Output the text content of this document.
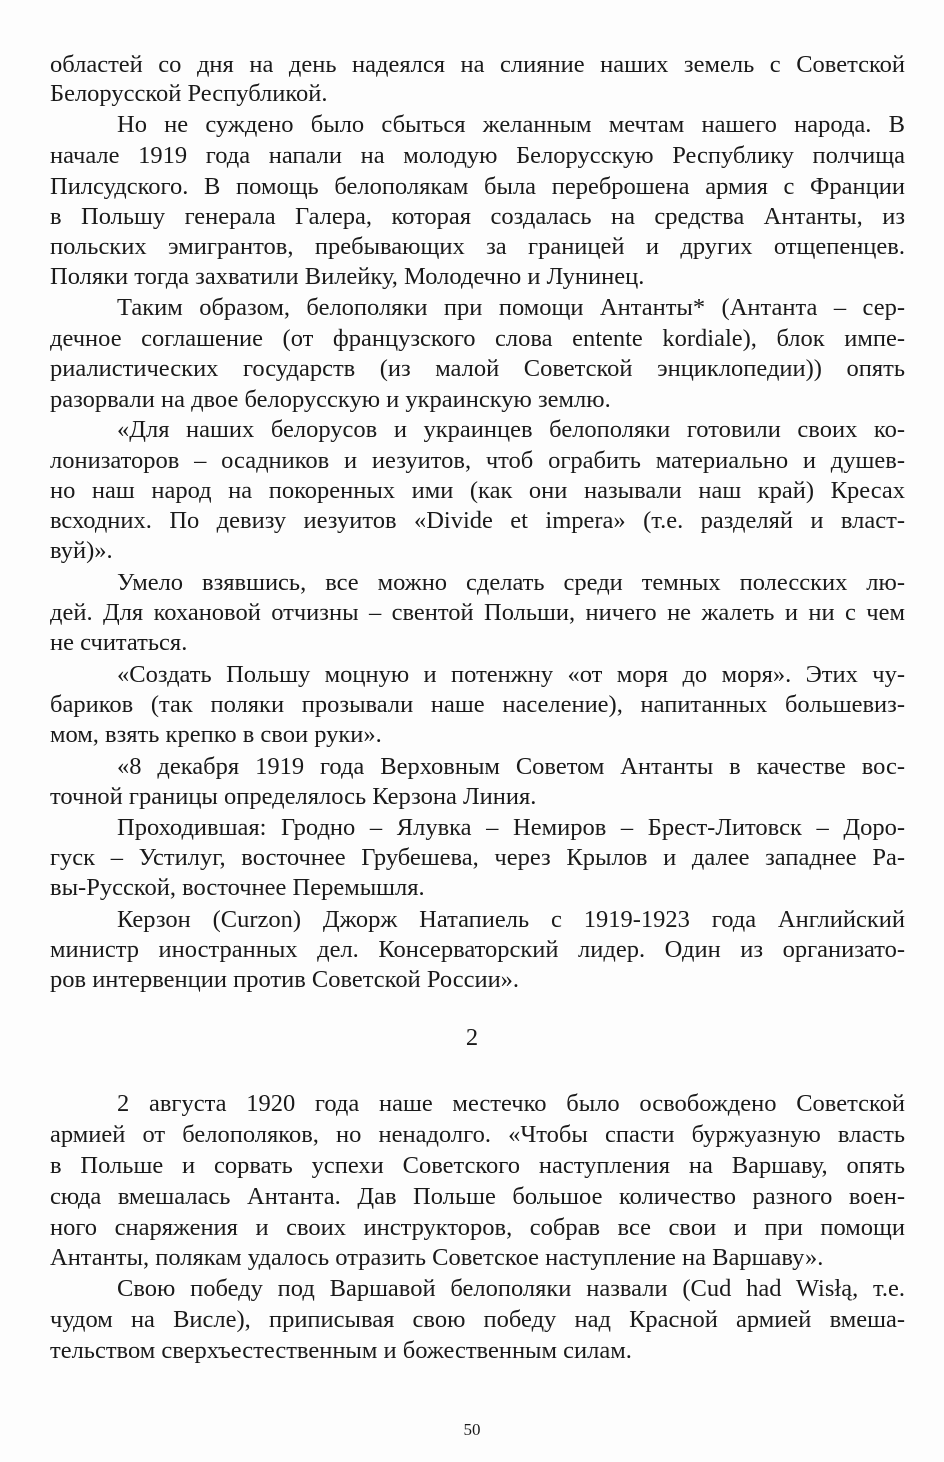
областей со дня на день надеялся на слияние наших земель с Советской
Белорусской Республикой.
Но не суждено было сбыться желанным мечтам нашего народа. В
начале 1919 года напали на молодую Белорусскую Республику полчища
Пилсудского. В помощь белополякам была переброшена армия с Франции
в Польшу генерала Галера, которая создалась на средства Антанты, из
польских эмигрантов, пребывающих за границей и других отщепенцев.
Поляки тогда захватили Вилейку, Молодечно и Лунинец.
Таким образом, белополяки при помощи Антанты* (Антанта – сер-
дечное соглашение (от французского слова entente kordiale), блок импе-
риалистических государств (из малой Советской энциклопедии)) опять
разорвали на двое белорусскую и украинскую землю.
«Для наших белорусов и украинцев белополяки готовили своих ко-
лонизаторов – осадников и иезуитов, чтоб ограбить материально и душев-
но наш народ на покоренных ими (как они называли наш край) Кресах
всходних. По девизу иезуитов «Divide et impera» (т.е. разделяй и власт-
вуй)».
Умело взявшись, все можно сделать среди темных полесских лю-
дей. Для кохановой отчизны – свентой Польши, ничего не жалеть и ни с чем
не считаться.
«Создать Польшу моцную и потенжну «от моря до моря». Этих чу-
бариков (так поляки прозывали наше население), напитанных большевиз-
мом, взять крепко в свои руки».
«8 декабря 1919 года Верховным Советом Антанты в качестве вос-
точной границы определялось Керзона Линия.
Проходившая: Гродно – Ялувка – Немиров – Брест-Литовск – Доро-
гуск – Устилуг, восточнее Грубешева, через Крылов и далее западнее Ра-
вы-Русской, восточнее Перемышля.
Керзон (Curzon) Джорж Натапиель с 1919-1923 года Английский
министр иностранных дел. Консерваторский лидер. Один из организато-
ров интервенции против Советской России».
2
2 августа 1920 года наше местечко было освобождено Советской
армией от белополяков, но ненадолго. «Чтобы спасти буржуазную власть
в Польше и сорвать успехи Советского наступления на Варшаву, опять
сюда вмешалась Антанта. Дав Польше большое количество разного воен-
ного снаряжения и своих инструкторов, собрав все свои и при помощи
Антанты, полякам удалось отразить Советское наступление на Варшаву».
Свою победу под Варшавой белополяки назвали (Cud had Wisłą, т.е.
чудом на Висле), приписывая свою победу над Красной армией вмеша-
тельством сверхъестественным и божественным силам.
50
